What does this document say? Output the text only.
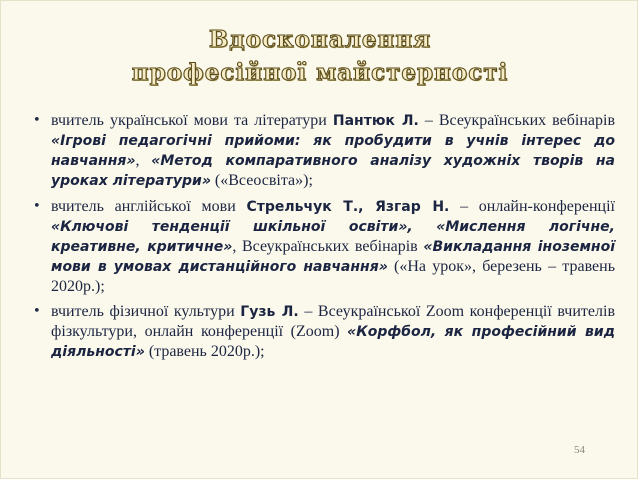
Вдосконалення
професійної майстерності
• вчитель української мови та літератури Пантюк Л. – Всеукраїнських вебінарів «Ігрові педагогічні прийоми: як пробудити в учнів інтерес до навчання», «Метод компаративного аналізу художніх творів на уроках літератури» («Всеосвіта»);
• вчитель англійської мови Стрельчук Т., Язгар Н. – онлайн-конференції «Ключові тенденції шкільної освіти», «Мислення логічне, креативне, критичне», Всеукраїнських вебінарів «Викладання іноземної мови в умовах дистанційного навчання» («На урок», березень – травень 2020р.);
• вчитель фізичної культури Гузь Л. – Всеукраїнської Zoom конференції вчителів фізкультури, онлайн конференції (Zoom) «Корфбол, як професійний вид діяльності» (травень 2020р.);
54
